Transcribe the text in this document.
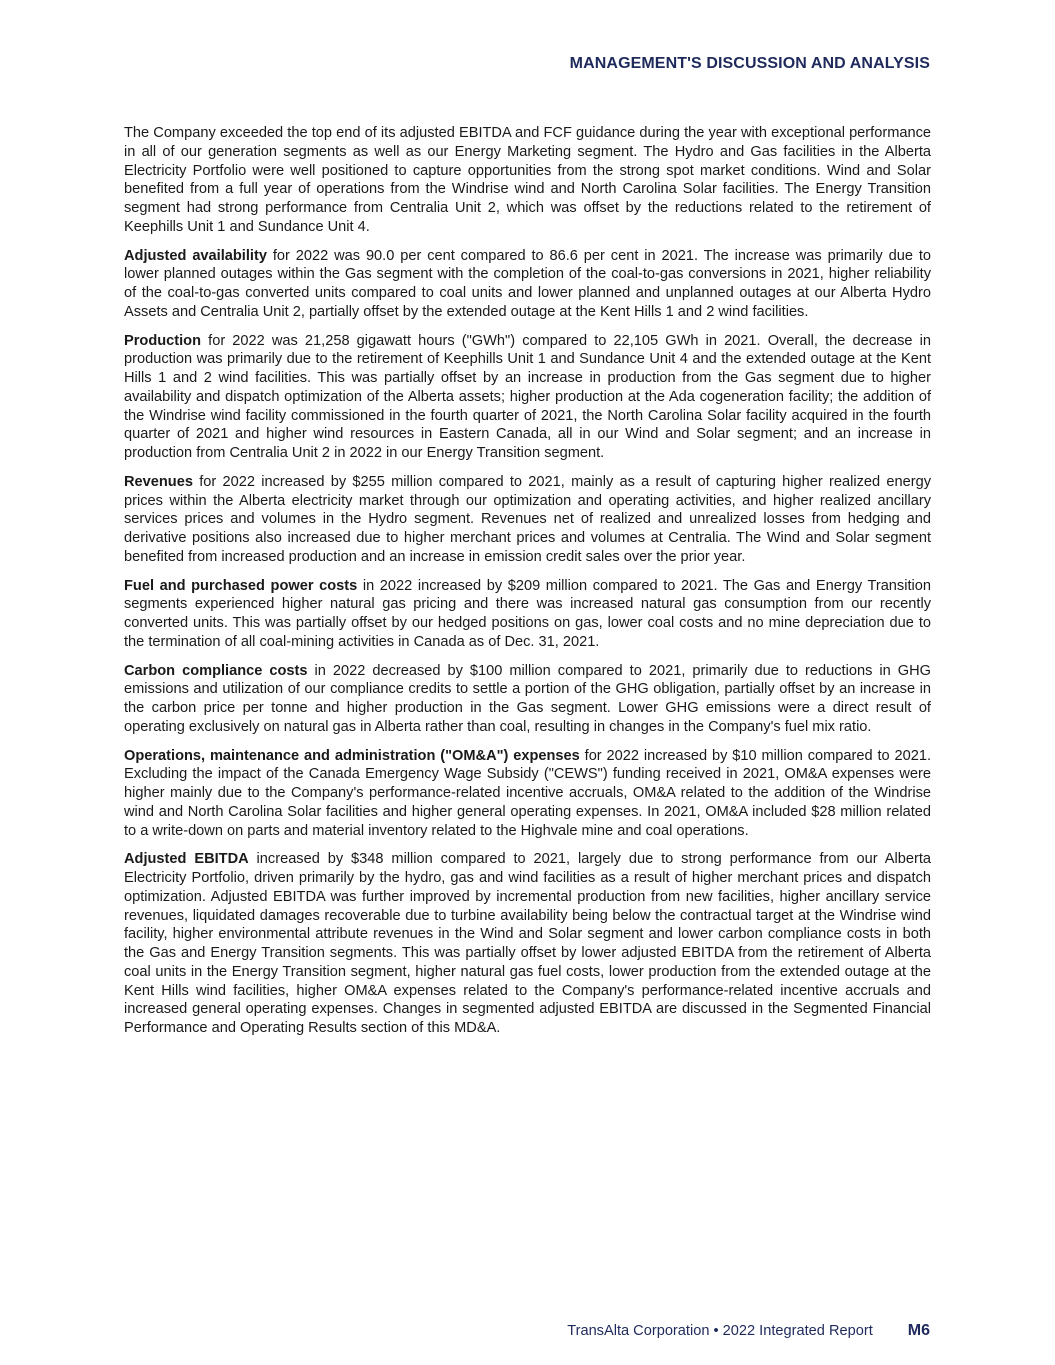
MANAGEMENT'S DISCUSSION AND ANALYSIS

The Company exceeded the top end of its adjusted EBITDA and FCF guidance during the year with exceptional performance in all of our generation segments as well as our Energy Marketing segment. The Hydro and Gas facilities in the Alberta Electricity Portfolio were well positioned to capture opportunities from the strong spot market conditions. Wind and Solar benefited from a full year of operations from the Windrise wind and North Carolina Solar facilities. The Energy Transition segment had strong performance from Centralia Unit 2, which was offset by the reductions related to the retirement of Keephills Unit 1 and Sundance Unit 4.

Adjusted availability for 2022 was 90.0 per cent compared to 86.6 per cent in 2021. The increase was primarily due to lower planned outages within the Gas segment with the completion of the coal-to-gas conversions in 2021, higher reliability of the coal-to-gas converted units compared to coal units and lower planned and unplanned outages at our Alberta Hydro Assets and Centralia Unit 2, partially offset by the extended outage at the Kent Hills 1 and 2 wind facilities.

Production for 2022 was 21,258 gigawatt hours ("GWh") compared to 22,105 GWh in 2021. Overall, the decrease in production was primarily due to the retirement of Keephills Unit 1 and Sundance Unit 4 and the extended outage at the Kent Hills 1 and 2 wind facilities. This was partially offset by an increase in production from the Gas segment due to higher availability and dispatch optimization of the Alberta assets; higher production at the Ada cogeneration facility; the addition of the Windrise wind facility commissioned in the fourth quarter of 2021, the North Carolina Solar facility acquired in the fourth quarter of 2021 and higher wind resources in Eastern Canada, all in our Wind and Solar segment; and an increase in production from Centralia Unit 2 in 2022 in our Energy Transition segment.

Revenues for 2022 increased by $255 million compared to 2021, mainly as a result of capturing higher realized energy prices within the Alberta electricity market through our optimization and operating activities, and higher realized ancillary services prices and volumes in the Hydro segment. Revenues net of realized and unrealized losses from hedging and derivative positions also increased due to higher merchant prices and volumes at Centralia. The Wind and Solar segment benefited from increased production and an increase in emission credit sales over the prior year.

Fuel and purchased power costs in 2022 increased by $209 million compared to 2021. The Gas and Energy Transition segments experienced higher natural gas pricing and there was increased natural gas consumption from our recently converted units. This was partially offset by our hedged positions on gas, lower coal costs and no mine depreciation due to the termination of all coal-mining activities in Canada as of Dec. 31, 2021.

Carbon compliance costs in 2022 decreased by $100 million compared to 2021, primarily due to reductions in GHG emissions and utilization of our compliance credits to settle a portion of the GHG obligation, partially offset by an increase in the carbon price per tonne and higher production in the Gas segment. Lower GHG emissions were a direct result of operating exclusively on natural gas in Alberta rather than coal, resulting in changes in the Company's fuel mix ratio.

Operations, maintenance and administration ("OM&A") expenses for 2022 increased by $10 million compared to 2021. Excluding the impact of the Canada Emergency Wage Subsidy ("CEWS") funding received in 2021, OM&A expenses were higher mainly due to the Company's performance-related incentive accruals, OM&A related to the addition of the Windrise wind and North Carolina Solar facilities and higher general operating expenses. In 2021, OM&A included $28 million related to a write-down on parts and material inventory related to the Highvale mine and coal operations.

Adjusted EBITDA increased by $348 million compared to 2021, largely due to strong performance from our Alberta Electricity Portfolio, driven primarily by the hydro, gas and wind facilities as a result of higher merchant prices and dispatch optimization. Adjusted EBITDA was further improved by incremental production from new facilities, higher ancillary service revenues, liquidated damages recoverable due to turbine availability being below the contractual target at the Windrise wind facility, higher environmental attribute revenues in the Wind and Solar segment and lower carbon compliance costs in both the Gas and Energy Transition segments. This was partially offset by lower adjusted EBITDA from the retirement of Alberta coal units in the Energy Transition segment, higher natural gas fuel costs, lower production from the extended outage at the Kent Hills wind facilities, higher OM&A expenses related to the Company's performance-related incentive accruals and increased general operating expenses. Changes in segmented adjusted EBITDA are discussed in the Segmented Financial Performance and Operating Results section of this MD&A.

TransAlta Corporation • 2022 Integrated Report M6
